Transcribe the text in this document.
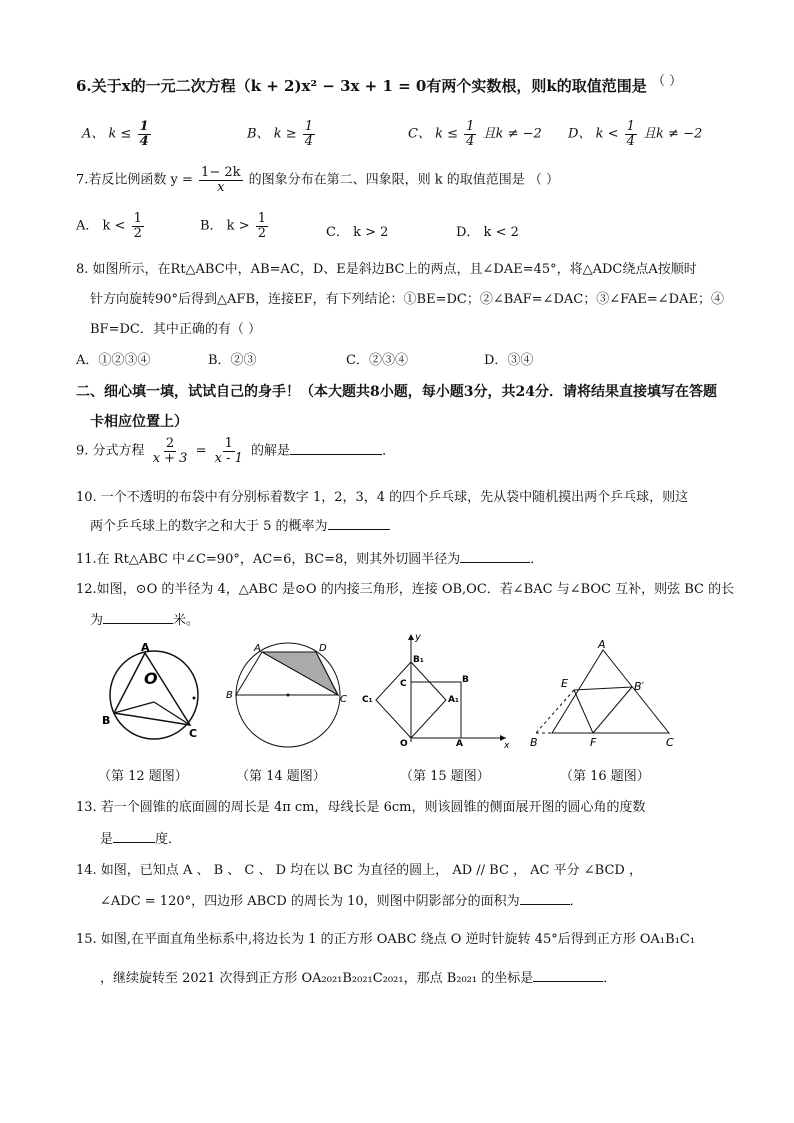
6.关于x的一元二次方程（k + 2)x² − 3x + 1 = 0有两个实数根，则k的取值范围是 （ ）
A、 $k \le \frac{1}{4}$	B、 $k \ge \frac{1}{4}$	C、 $k \le \frac{1}{4}$ 且k ≠ −2 D、 $k < \frac{1}{4}$ 且k ≠ −2
7.若反比例函数 $y = \frac{1- 2k}{x}$ 的图象分布在第二、四象限，则 k 的取值范围是 （ ）
A． $k < \frac{1}{2}$	B． $k > \frac{1}{2}$	C． k > 2	D． k < 2
8. 如图所示，在Rt△ABC中，AB=AC，D、E是斜边BC上的两点，且∠DAE=45°，将△ADC绕点A按顺时
针方向旋转90°后得到△AFB，连接EF，有下列结论：①BE=DC；②∠BAF=∠DAC；③∠FAE=∠DAE；④
BF=DC．其中正确的有（ ）
A．①②③④	B．②③	C．②③④	D．③④
二、细心填一填，试试自己的身手！（本大题共8小题，每小题3分，共24分．请将结果直接填写在答题
卡相应位置上）
9. 分式方程 $\frac{2}{x + 3} = \frac{1}{x - 1}$ 的解是	．
10. 一个不透明的布袋中有分别标着数字 1，2，3，4 的四个乒乓球，先从袋中随机摸出两个乒乓球，则这
两个乒乓球上的数字之和大于 5 的概率为
11.在 Rt△ABC 中∠C=90°，AC=6，BC=8，则其外切圆半径为	．
12.如图，⊙O 的半径为 4，△ABC 是⊙O 的内接三角形，连接 OB,OC．若∠BAC 与∠BOC 互补，则弦 BC 的长
为	米。
A
O
B
C
A	D
B	C
y
B₁
C	B
C₁	A₁
O	A	x
A
E	B′
B	F	C
（第 12 题图）	（第 14 题图）	（第 15 题图）	（第 16 题图）
13. 若一个圆锥的底面圆的周长是 4π cm，母线长是 6cm，则该圆锥的侧面展开图的圆心角的度数
是	度．
14. 如图，已知点 A 、 B 、 C 、 D 均在以 BC 为直径的圆上， AD // BC ， AC 平分 ∠BCD ，
∠ADC = 120°，四边形 ABCD 的周长为 10，则图中阴影部分的面积为	．
15. 如图,在平面直角坐标系中,将边长为 1 的正方形 OABC 绕点 O 逆时针旋转 45°后得到正方形 OA₁B₁C₁
，继续旋转至 2021 次得到正方形 OA₂₀₂₁B₂₀₂₁C₂₀₂₁，那点 B₂₀₂₁ 的坐标是	．
